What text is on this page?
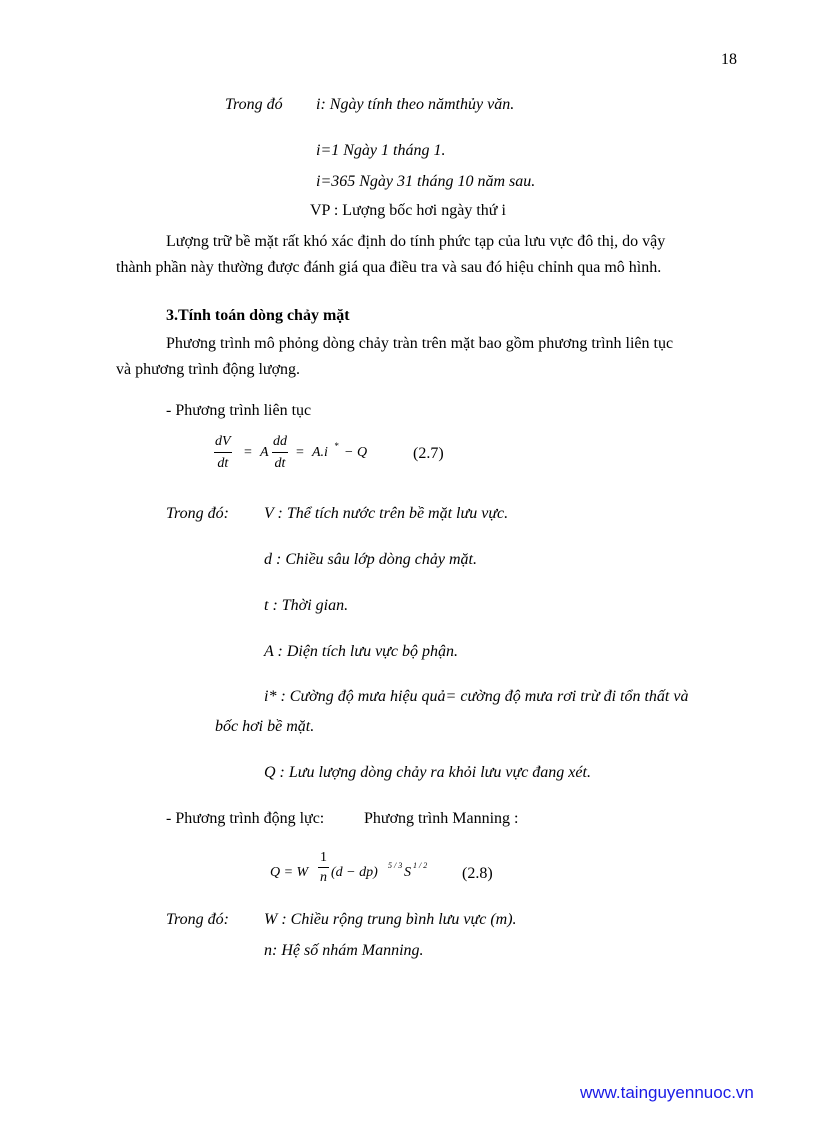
18
Trong đó i: Ngày tính theo nămthủy văn.
i=1 Ngày 1 tháng 1.
i=365 Ngày 31 tháng 10 năm sau.
VP : Lượng bốc hơi ngày thứ i
Lượng trữ bề mặt rất khó xác định do tính phức tạp của lưu vực đô thị, do vậy
thành phần này thường được đánh giá qua điều tra và sau đó hiệu chỉnh qua mô hình.
3.Tính toán dòng chảy mặt
Phương trình mô phỏng dòng chảy tràn trên mặt bao gồm phương trình liên tục
và phương trình động lượng.
- Phương trình liên tục
$\frac{dV}{dt} = A \frac{dd}{dt} = A.i$ * − Q	(2.7)
Trong đó: V : Thể tích nước trên bề mặt lưu vực.
d : Chiều sâu lớp dòng chảy mặt.
t : Thời gian.
A : Diện tích lưu vực bộ phận.
i* : Cường độ mưa hiệu quả= cường độ mưa rơi trừ đi tổn thất và
bốc hơi bề mặt.
Q : Lưu lượng dòng chảy ra khỏi lưu vực đang xét.
- Phương trình động lực: Phương trình Manning :
Q = W $\frac{1}{n} (d - dp)$ 5 / 3 S 1 / 2 (2.8)
Trong đó: W : Chiều rộng trung bình lưu vực (m).
n: Hệ số nhám Manning.
www.tainguyennuoc.vn
